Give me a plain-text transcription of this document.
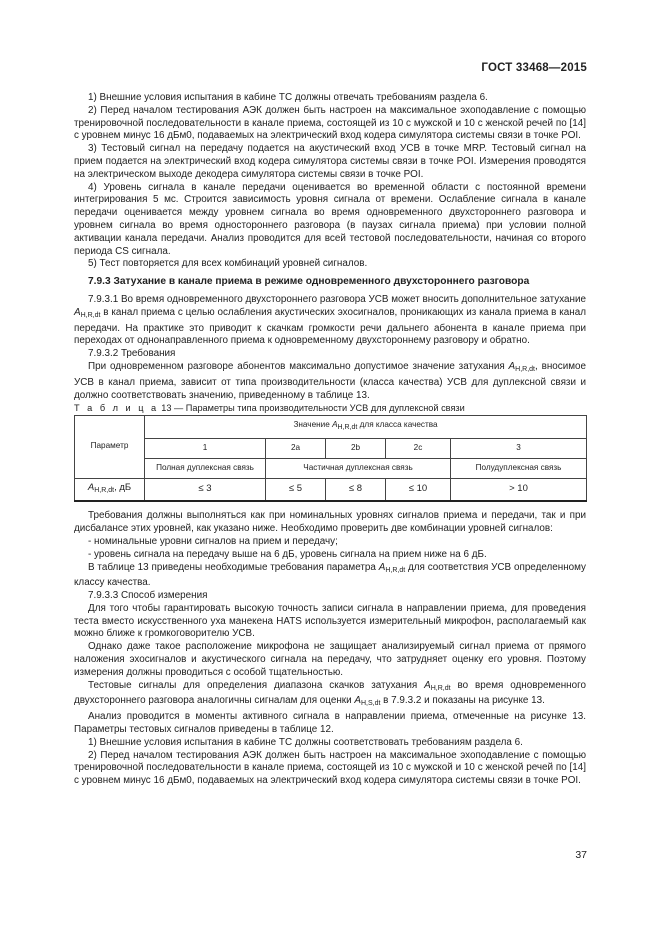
ГОСТ 33468—2015

1) Внешние условия испытания в кабине ТС должны отвечать требованиям раздела 6.

2) Перед началом тестирования АЭК должен быть настроен на максимальное эхоподавление с помощью тренировочной последовательности в канале приема, состоящей из 10 с мужской и 10 с женской речей по [14] с уровнем минус 16 дБм0, подаваемых на электрический вход кодера симулятора системы связи в точке POI.

3) Тестовый сигнал на передачу подается на акустический вход УСВ в точке MRP. Тестовый сигнал на прием подается на электрический вход кодера симулятора системы связи в точке POI. Измерения проводятся на электрическом выходе декодера симулятора системы связи в точке POI.

4) Уровень сигнала в канале передачи оценивается во временной области с постоянной времени интегрирования 5 мс. Строится зависимость уровня сигнала от времени. Ослабление сигнала в канале передачи оценивается между уровнем сигнала во время одновременного двухстороннего разговора и уровнем сигнала во время одностороннего разговора (в паузах сигнала приема) при условии полной активации канала передачи. Анализ проводится для всей тестовой последовательности, начиная со второго периода CS сигнала.

5) Тест повторяется для всех комбинаций уровней сигналов.

7.9.3 Затухание в канале приема в режиме одновременного двухстороннего разговора

7.9.3.1 Во время одновременного двухстороннего разговора УСВ может вносить дополнительное затухание $A_{H,R,dt}$ в канал приема с целью ослабления акустических эхосигналов, проникающих из канала приема в канал передачи. На практике это приводит к скачкам громкости речи дальнего абонента в канале приема при переходах от однонаправленного приема к одновременному двухстороннему разговору и обратно.

7.9.3.2 Требования

При одновременном разговоре абонентов максимально допустимое значение затухания $A_{H,R,dt}$, вносимое УСВ в канал приема, зависит от типа производительности (класса качества) УСВ для дуплексной связи и должно соответствовать значению, приведенному в таблице 13.

Т а б л и ц а 13 — Параметры типа производительности УСВ для дуплексной связи

Параметр	Значение AH,R,dt для класса качества				
	1	2a	2b	2c	3
	Полная дуплексная связь	Частичная дуплексная связь			Полудуплексная связь
$A_{H,R,dt}$, дБ	≤ 3	≤ 5	≤ 8	≤ 10	> 10

Требования должны выполняться как при номинальных уровнях сигналов приема и передачи, так и при дисбалансе этих уровней, как указано ниже. Необходимо проверить две комбинации уровней сигналов:

- номинальные уровни сигналов на прием и передачу;

- уровень сигнала на передачу выше на 6 дБ, уровень сигнала на прием ниже на 6 дБ.

В таблице 13 приведены необходимые требования параметра $A_{H,R,dt}$ для соответствия УСВ определенному классу качества.

7.9.3.3 Способ измерения

Для того чтобы гарантировать высокую точность записи сигнала в направлении приема, для проведения теста вместо искусственного уха манекена HATS используется измерительный микрофон, располагаемый как можно ближе к громкоговорителю УСВ.

Однако даже такое расположение микрофона не защищает анализируемый сигнал приема от прямого наложения эхосигналов и акустического сигнала на передачу, что затрудняет оценку его уровня. Поэтому измерения должны проводиться с особой тщательностью.

Тестовые сигналы для определения диапазона скачков затухания $A_{H,R,dt}$ во время одновременного двухстороннего разговора аналогичны сигналам для оценки $A_{H,S,dt}$ в 7.9.3.2 и показаны на рисунке 13.

Анализ проводится в моменты активного сигнала в направлении приема, отмеченные на рисунке 13. Параметры тестовых сигналов приведены в таблице 12.

1) Внешние условия испытания в кабине ТС должны соответствовать требованиям раздела 6.

2) Перед началом тестирования АЭК должен быть настроен на максимальное эхоподавление с помощью тренировочной последовательности в канале приема, состоящей из 10 с мужской и 10 с женской речей по [14] с уровнем минус 16 дБм0, подаваемых на электрический вход кодера симулятора системы связи в точке POI.

37
